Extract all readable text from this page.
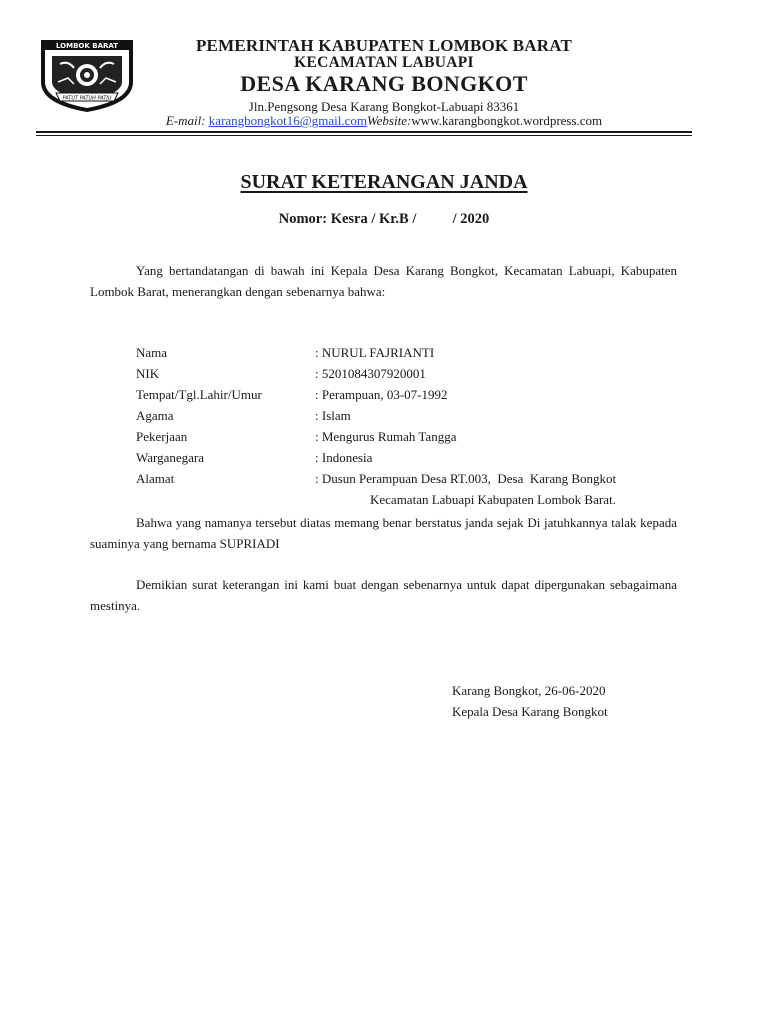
LOMBOK BARAT
PATUT PATUH PATJU
PEMERINTAH KABUPATEN LOMBOK BARAT
KECAMATAN LABUAPI
DESA KARANG BONGKOT
Jln.Pengsong Desa Karang Bongkot-Labuapi 83361
E-mail: karangbongkot16@gmail.comWebsite:www.karangbongkot.wordpress.com
SURAT KETERANGAN JANDA
Nomor: Kesra / Kr.B /          / 2020
Yang bertandatangan di bawah ini Kepala Desa Karang Bongkot, Kecamatan Labuapi, Kabupaten Lombok Barat, menerangkan dengan sebenarnya bahwa:
Nama	: NURUL FAJRIANTI
NIK	: 5201084307920001
Tempat/Tgl.Lahir/Umur	: Perampuan, 03-07-1992
Agama	: Islam
Pekerjaan	: Mengurus Rumah Tangga
Warganegara	: Indonesia
Alamat	: Dusun Perampuan Desa RT.003,  Desa  Karang Bongkot
Kecamatan Labuapi Kabupaten Lombok Barat.
Bahwa yang namanya tersebut diatas memang benar berstatus janda sejak Di jatuhkannya talak kepada  suaminya yang bernama SUPRIADI
Demikian surat keterangan ini kami buat dengan sebenarnya untuk dapat dipergunakan sebagaimana mestinya.
Karang Bongkot, 26-06-2020
Kepala Desa Karang Bongkot
